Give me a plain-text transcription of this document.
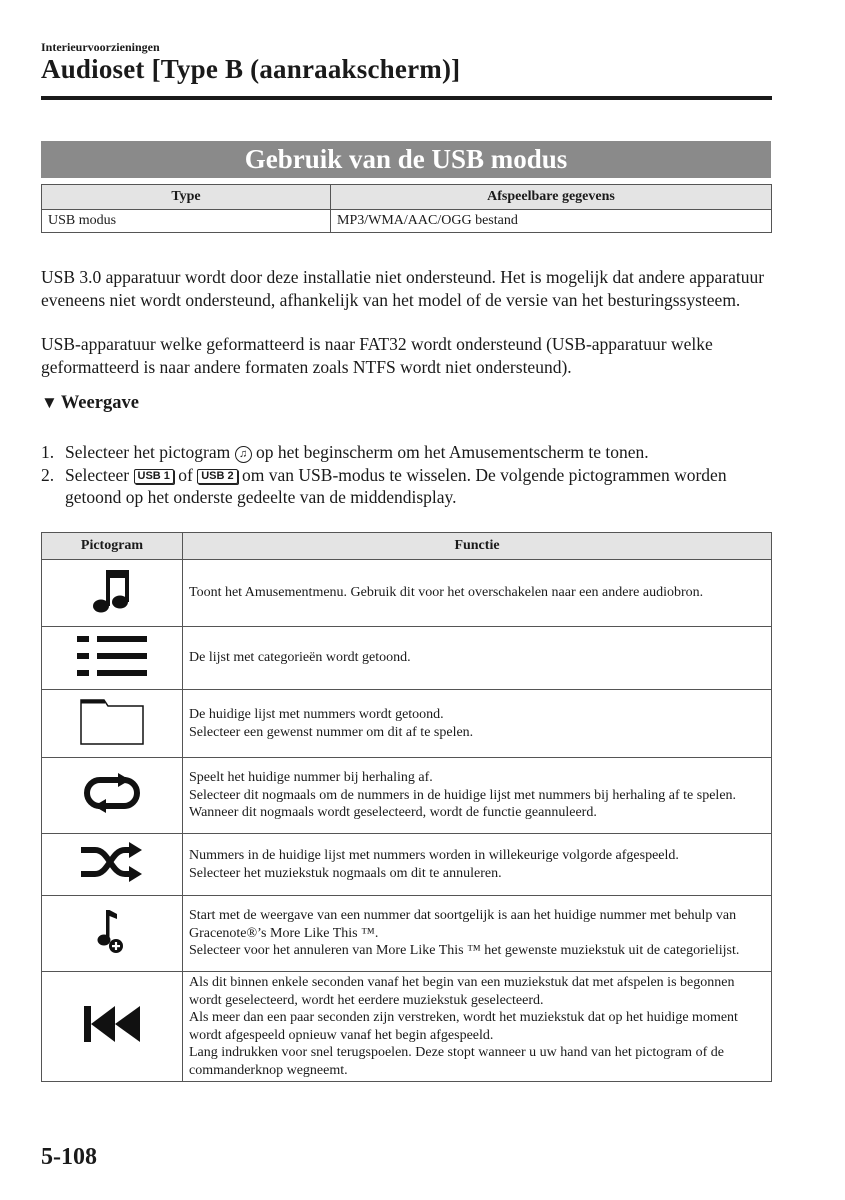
Interieurvoorzieningen
Audioset [Type B (aanraakscherm)]
Gebruik van de USB modus
Type	Afspeelbare gegevens
USB modus	MP3/WMA/AAC/OGG bestand
USB 3.0 apparatuur wordt door deze installatie niet ondersteund. Het is mogelijk dat andere apparatuur eveneens niet wordt ondersteund, afhankelijk van het model of de versie van het besturingssysteem.
USB-apparatuur welke geformatteerd is naar FAT32 wordt ondersteund (USB-apparatuur welke geformatteerd is naar andere formaten zoals NTFS wordt niet ondersteund).
▼ Weergave
1. Selecteer het pictogram ♫ op het beginscherm om het Amusementscherm te tonen.
2. Selecteer USB 1 of USB 2 om van USB-modus te wisselen. De volgende pictogrammen worden getoond op het onderste gedeelte van de middendisplay.
Pictogram	Functie

Toont het Amusementmenu. Gebruik dit voor het overschakelen naar een andere audiobron.

De lijst met categorieën wordt getoond.

De huidige lijst met nummers wordt getoond.
Selecteer een gewenst nummer om dit af te spelen.

Speelt het huidige nummer bij herhaling af.
Selecteer dit nogmaals om de nummers in de huidige lijst met nummers bij herhaling af te spelen.
Wanneer dit nogmaals wordt geselecteerd, wordt de functie geannuleerd.

Nummers in de huidige lijst met nummers worden in willekeurige volgorde afgespeeld.
Selecteer het muziekstuk nogmaals om dit te annuleren.

Start met de weergave van een nummer dat soortgelijk is aan het huidige nummer met behulp van Gracenote®’s More Like This ™.
Selecteer voor het annuleren van More Like This ™ het gewenste muziekstuk uit de categorielijst.

Als dit binnen enkele seconden vanaf het begin van een muziekstuk dat met afspelen is begonnen wordt geselecteerd, wordt het eerdere muziekstuk geselecteerd.
Als meer dan een paar seconden zijn verstreken, wordt het muziekstuk dat op het huidige moment wordt afgespeeld opnieuw vanaf het begin afgespeeld.
Lang indrukken voor snel terugspoelen. Deze stopt wanneer u uw hand van het pictogram of de commanderknop wegneemt.
5-108
